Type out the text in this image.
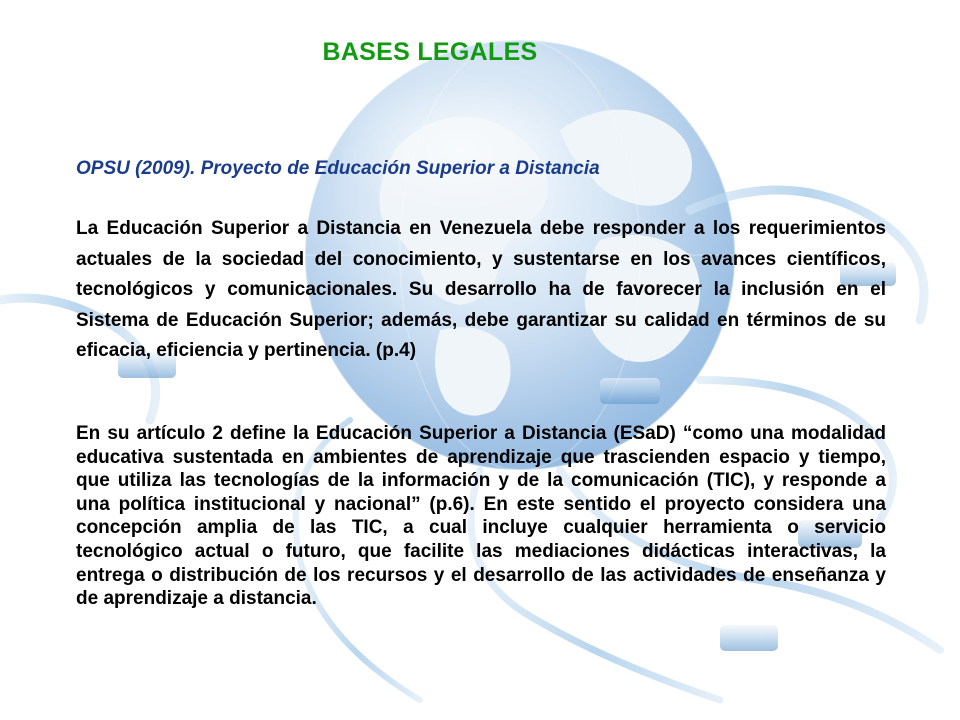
BASES LEGALES
OPSU (2009). Proyecto de Educación Superior a Distancia

La Educación Superior a Distancia en Venezuela debe responder a los requerimientos actuales de la sociedad del conocimiento, y sustentarse en los avances científicos, tecnológicos y comunicacionales. Su desarrollo ha de favorecer la inclusión en el Sistema de Educación Superior; además, debe garantizar su calidad en términos de su eficacia, eficiencia y pertinencia. (p.4)

En su artículo 2 define la Educación Superior a Distancia (ESaD) “como una modalidad educativa sustentada en ambientes de aprendizaje que trascienden espacio y tiempo, que utiliza las tecnologías de la información y de la comunicación (TIC), y responde a una política institucional y nacional” (p.6). En este sentido el proyecto considera una concepción amplia de las TIC, a cual incluye cualquier herramienta o servicio tecnológico actual o futuro, que facilite las mediaciones didácticas interactivas, la entrega o distribución de los recursos y el desarrollo de las actividades de enseñanza y de aprendizaje a distancia.
